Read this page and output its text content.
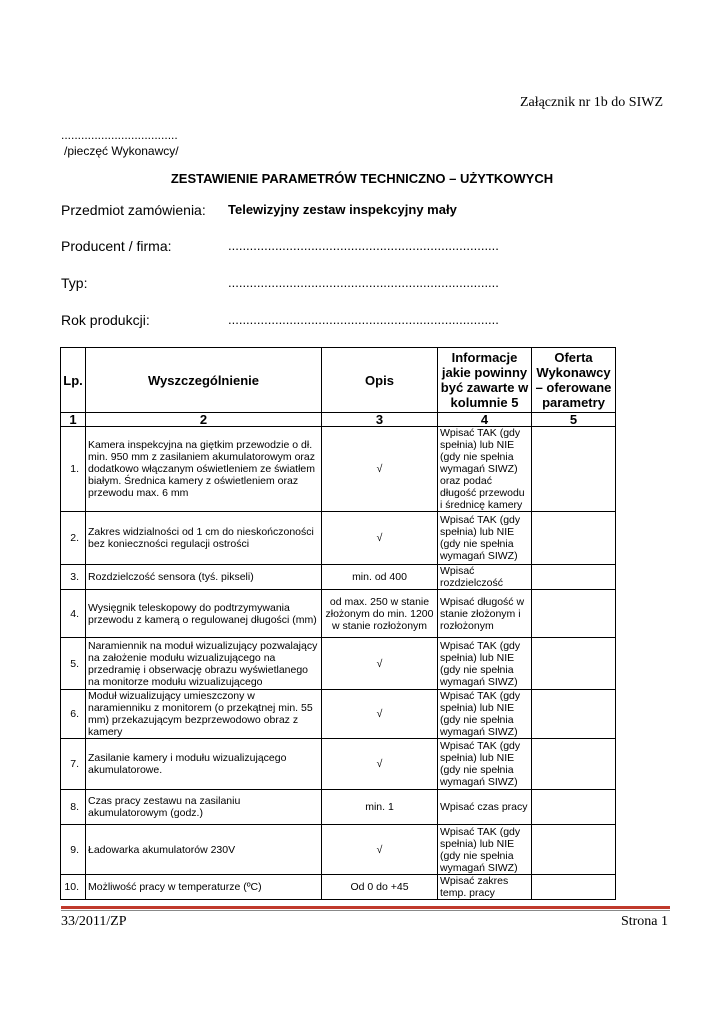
Załącznik nr 1b do SIWZ
...................................
/pieczęć Wykonawcy/
ZESTAWIENIE PARAMETRÓW TECHNICZNO – UŻYTKOWYCH
Przedmiot zamówienia: Telewizyjny zestaw inspekcyjny mały
Producent / firma:	...........................................................................
Typ:	...........................................................................
Rok produkcji:	...........................................................................
Lp.	Wyszczególnienie	Opis	Informacje jakie powinny być zawarte w kolumnie 5	Oferta Wykonawcy – oferowane parametry
1	2	3	4	5
1.	Kamera inspekcyjna na giętkim przewodzie o dł. min. 950 mm z zasilaniem akumulatorowym oraz dodatkowo włączanym oświetleniem ze światłem białym. Średnica kamery z oświetleniem oraz przewodu max. 6 mm	√	Wpisać TAK (gdy spełnia) lub NIE (gdy nie spełnia wymagań SIWZ) oraz podać długość przewodu i średnicę kamery	
2.	Zakres widzialności od 1 cm do nieskończoności bez konieczności regulacji ostrości	√	Wpisać TAK (gdy spełnia) lub NIE (gdy nie spełnia wymagań SIWZ)	
3.	Rozdzielczość sensora (tyś. pikseli)	min. od 400	Wpisać rozdzielczość	
4.	Wysięgnik teleskopowy do podtrzymywania przewodu z kamerą o regulowanej długości (mm)	od max. 250 w stanie złożonym do min. 1200 w stanie rozłożonym	Wpisać długość w stanie złożonym i rozłożonym	
5.	Naramiennik na moduł wizualizujący pozwalający na założenie modułu wizualizującego na przedramię i obserwację obrazu wyświetlanego na monitorze modułu wizualizującego	√	Wpisać TAK (gdy spełnia) lub NIE (gdy nie spełnia wymagań SIWZ)	
6.	Moduł wizualizujący umieszczony w naramienniku z monitorem (o przekątnej min. 55 mm) przekazującym bezprzewodowo obraz z kamery	√	Wpisać TAK (gdy spełnia) lub NIE (gdy nie spełnia wymagań SIWZ)	
7.	Zasilanie kamery i modułu wizualizującego akumulatorowe.	√	Wpisać TAK (gdy spełnia) lub NIE (gdy nie spełnia wymagań SIWZ)	
8.	Czas pracy zestawu na zasilaniu akumulatorowym (godz.)	min. 1	Wpisać czas pracy	
9.	Ładowarka akumulatorów 230V	√	Wpisać TAK (gdy spełnia) lub NIE (gdy nie spełnia wymagań SIWZ)	
10.	Możliwość pracy w temperaturze (ºC)	Od 0 do +45	Wpisać zakres temp. pracy	
33/2011/ZP	Strona 1
